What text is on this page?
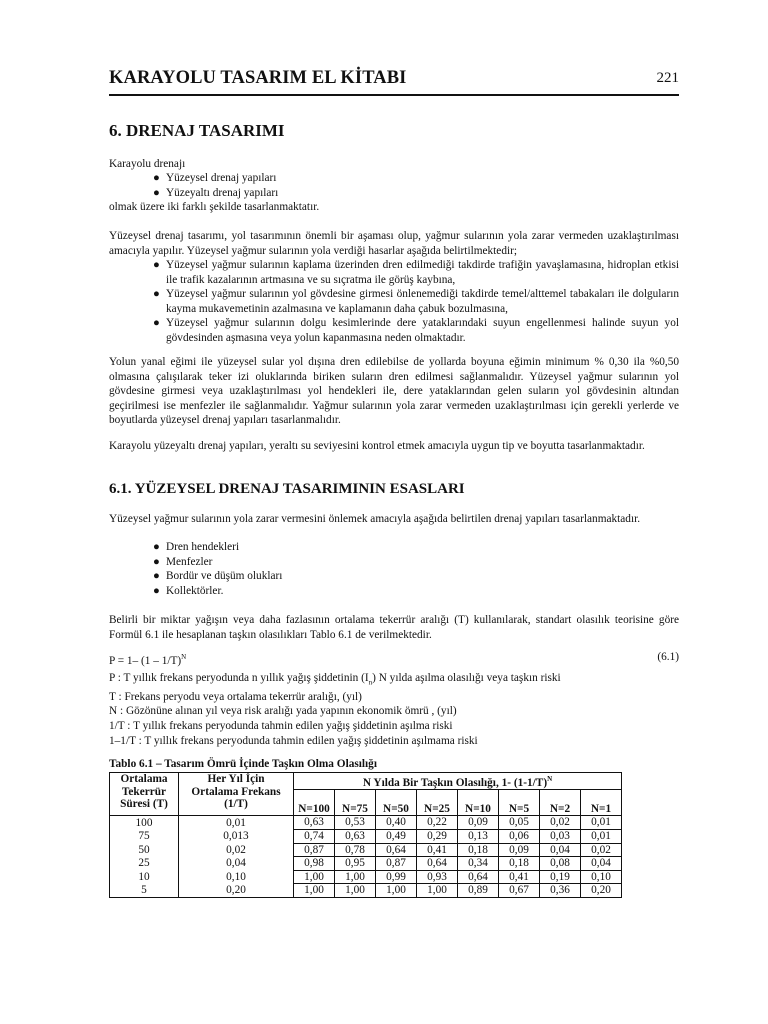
KARAYOLU TASARIM EL KİTABI	221
6. DRENAJ TASARIMI
Karayolu drenajı
● Yüzeysel drenaj yapıları
● Yüzeyaltı drenaj yapıları
olmak üzere iki farklı şekilde tasarlanmaktatır.

Yüzeysel drenaj tasarımı, yol tasarımının önemli bir aşaması olup, yağmur sularının yola zarar vermeden uzaklaştırılması amacıyla yapılır. Yüzeysel yağmur sularının yola verdiği hasarlar aşağıda belirtilmektedir;

● Yüzeysel yağmur sularının kaplama üzerinden dren edilmediği takdirde trafiğin yavaşlamasına, hidroplan etkisi ile trafik kazalarının artmasına ve su sıçratma ile görüş kaybına,
● Yüzeysel yağmur sularının yol gövdesine girmesi önlenemediği takdirde temel/alttemel tabakaları ile dolguların kayma mukavemetinin azalmasına ve kaplamanın daha çabuk bozulmasına,
● Yüzeysel yağmur sularının dolgu kesimlerinde dere yataklarındaki suyun engellenmesi halinde suyun yol gövdesinden aşmasına veya yolun kapanmasına neden olmaktadır.

Yolun yanal eğimi ile yüzeysel sular yol dışına dren edilebilse de yollarda boyuna eğimin minimum % 0,30 ila %0,50 olmasına çalışılarak teker izi oluklarında biriken suların dren edilmesi sağlanmalıdır. Yüzeysel yağmur sularının yol gövdesine girmesi veya uzaklaştırılması yol hendekleri ile, dere yataklarından gelen suların yol gövdesinin altından geçirilmesi ise menfezler ile sağlanmalıdır. Yağmur sularının yola zarar vermeden uzaklaştırılması için gerekli yerlerde ve boyutlarda yüzeysel drenaj yapıları tasarlanmalıdır.

Karayolu yüzeyaltı drenaj yapıları, yeraltı su seviyesini kontrol etmek amacıyla uygun tip ve boyutta tasarlanmaktadır.

6.1. YÜZEYSEL DRENAJ TASARIMININ ESASLARI

Yüzeysel yağmur sularının yola zarar vermesini önlemek amacıyla aşağıda belirtilen drenaj yapıları tasarlanmaktadır.

● Dren hendekleri
● Menfezler
● Bordür ve düşüm olukları
● Kollektörler.

Belirli bir miktar yağışın veya daha fazlasının ortalama tekerrür aralığı (T) kullanılarak, standart olasılık teorisine göre Formül 6.1 ile hesaplanan taşkın olasılıkları Tablo 6.1 de verilmektedir.

P = 1– (1 – 1/T)$^N$	(6.1)
P : T yıllık frekans peryodunda n yıllık yağış şiddetinin $(I_n)$ N yılda aşılma olasılığı veya taşkın riski
T : Frekans peryodu veya ortalama tekerrür aralığı, (yıl)
N : Gözönüne alınan yıl veya risk aralığı yada yapının ekonomik ömrü , (yıl)
1/T : T yıllık frekans peryodunda tahmin edilen yağış şiddetinin aşılma riski
1–1/T : T yıllık frekans peryodunda tahmin edilen yağış şiddetinin aşılmama riski
Tablo 6.1 – Tasarım Ömrü İçinde Taşkın Olma Olasılığı
Ortalama
Tekerrür
Süresi (T)	Her Yıl İçin
Ortalama Frekans
(1/T)	N Yılda Bir Taşkın Olasılığı, 1- $(1-1/T)^N$
		N=100	N=75	N=50	N=25	N=10	N=5	N=2	N=1
100	0,01	0,63	0,53	0,40	0,22	0,09	0,05	0,02	0,01
75	0,013	0,74	0,63	0,49	0,29	0,13	0,06	0,03	0,01
50	0,02	0,87	0,78	0,64	0,41	0,18	0,09	0,04	0,02
25	0,04	0,98	0,95	0,87	0,64	0,34	0,18	0,08	0,04
10	0,10	1,00	1,00	0,99	0,93	0,64	0,41	0,19	0,10
5	0,20	1,00	1,00	1,00	1,00	0,89	0,67	0,36	0,20
